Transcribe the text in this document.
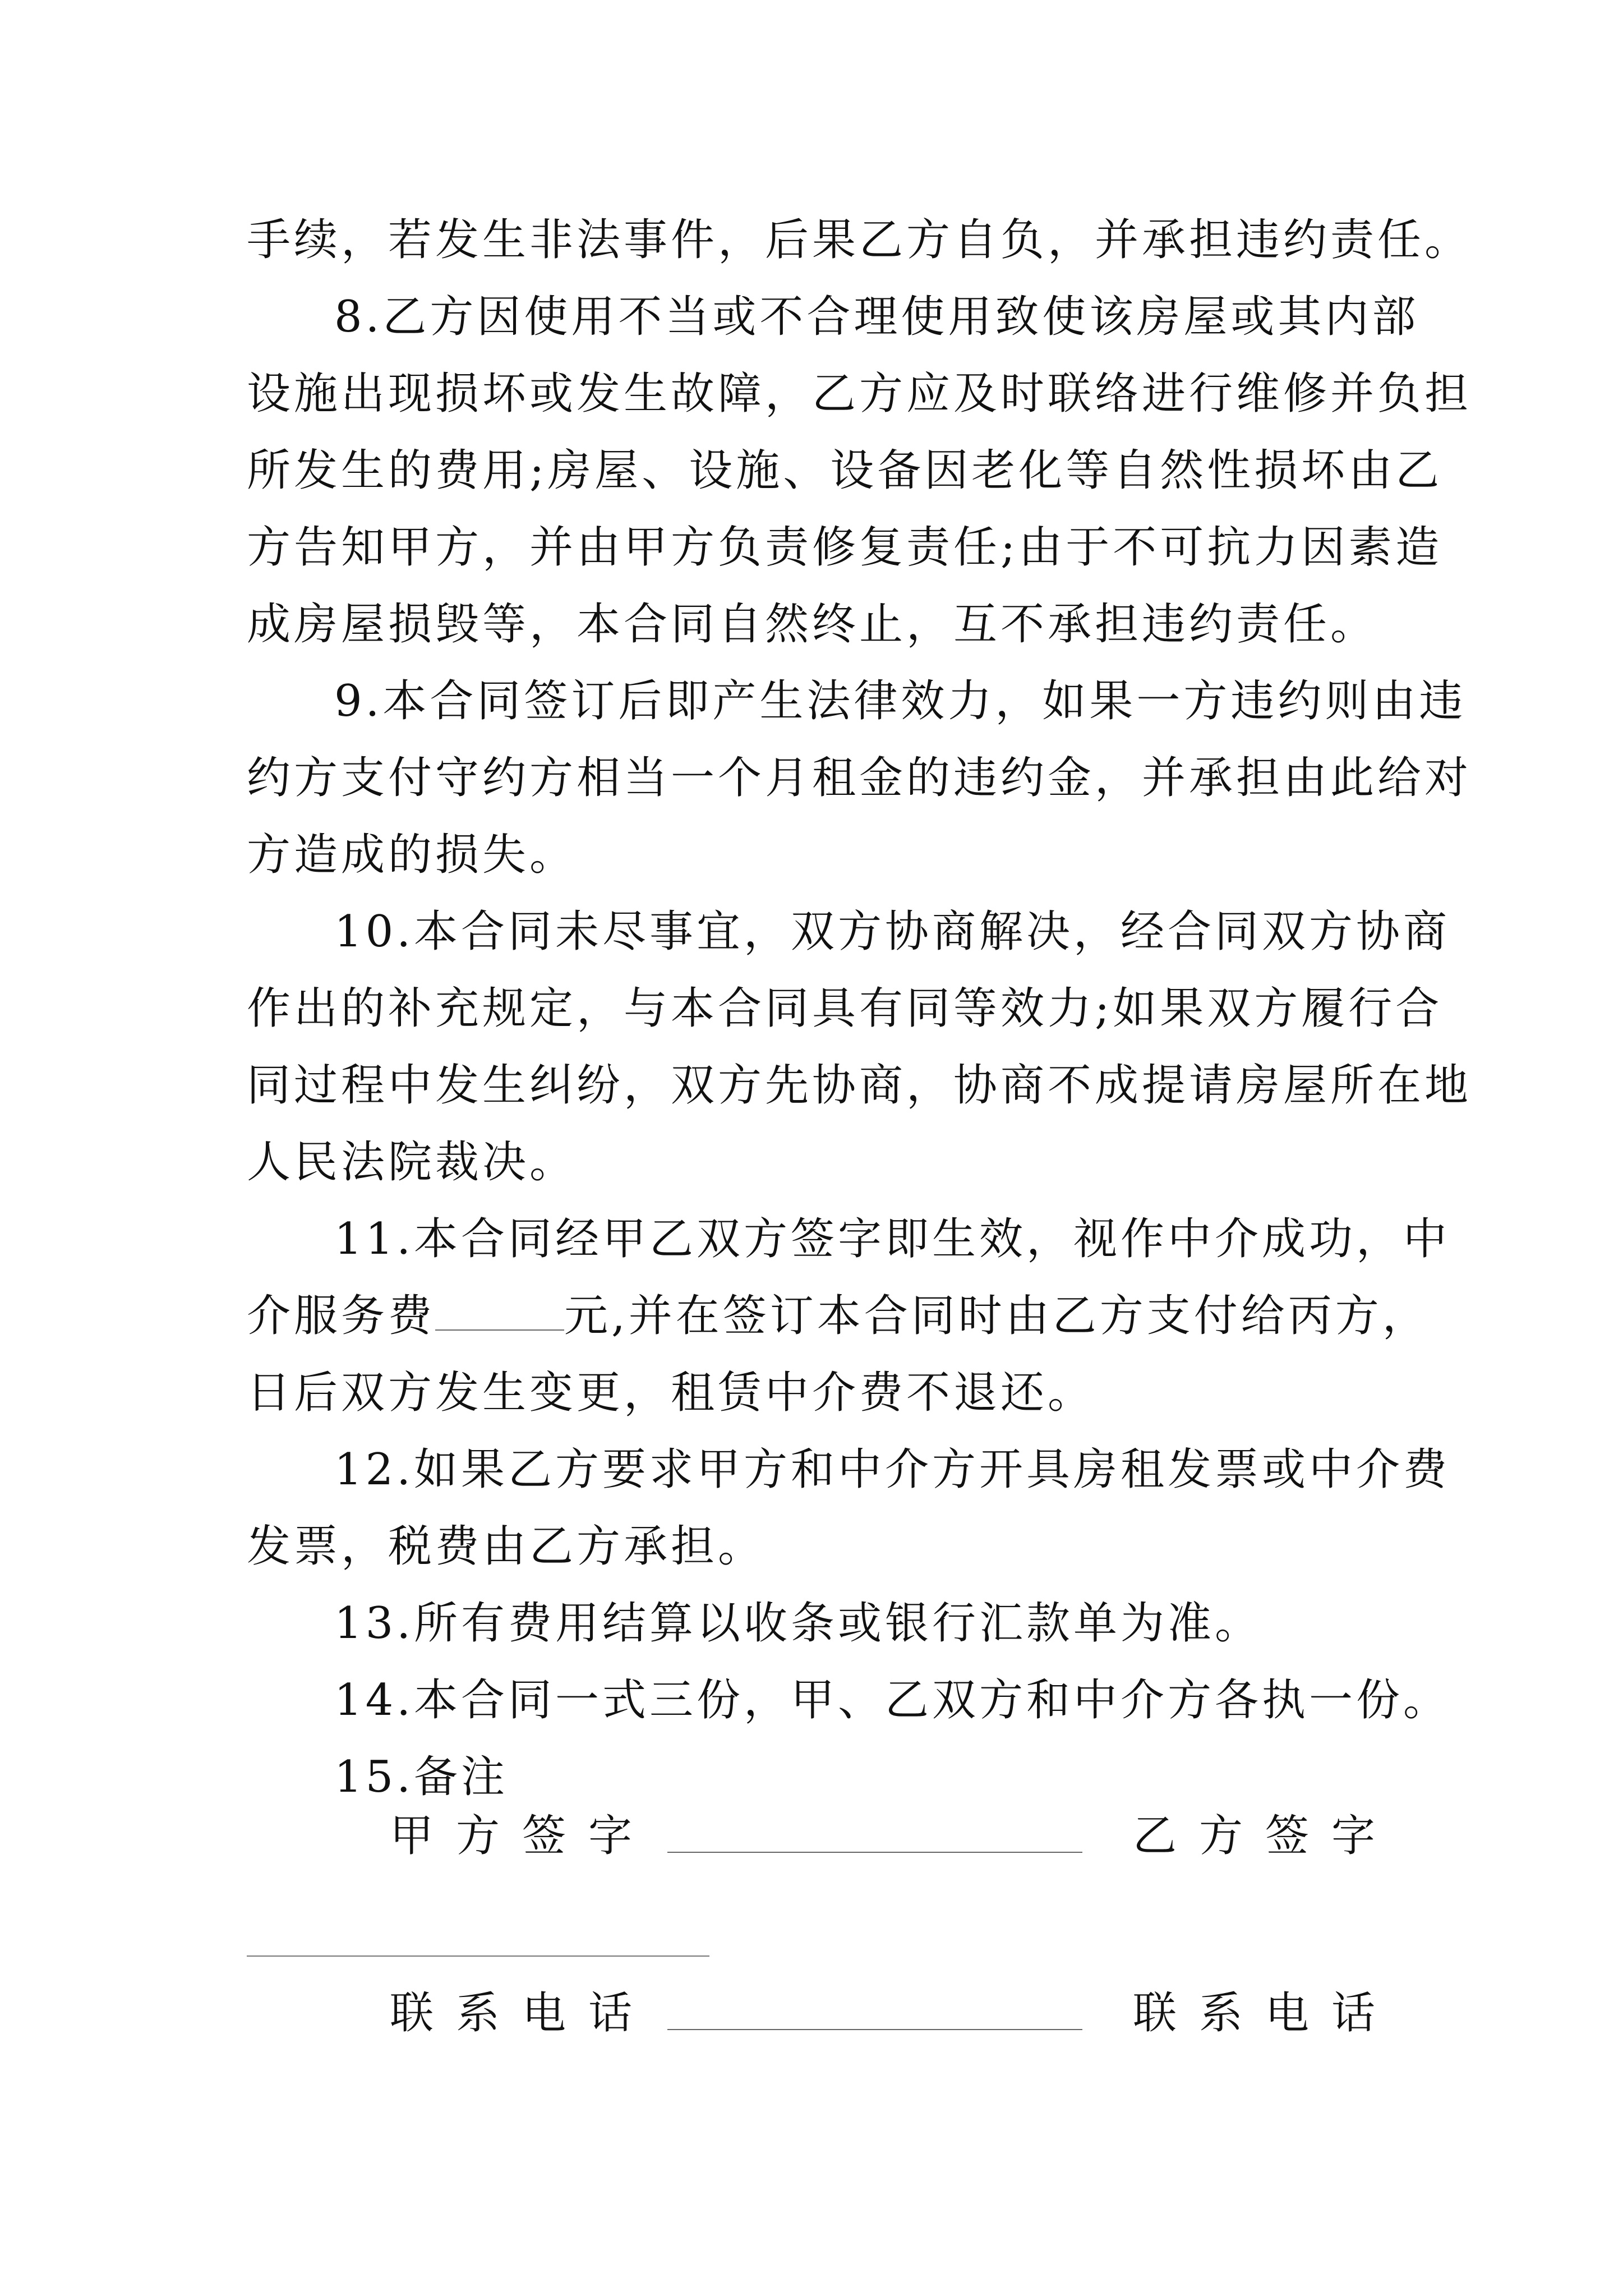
手续，若发生非法事件，后果乙方自负，并承担违约责任。
8.乙方因使用不当或不合理使用致使该房屋或其内部
设施出现损坏或发生故障，乙方应及时联络进行维修并负担
所发生的费用;房屋、设施、设备因老化等自然性损坏由乙
方告知甲方，并由甲方负责修复责任;由于不可抗力因素造
成房屋损毁等，本合同自然终止，互不承担违约责任。
9.本合同签订后即产生法律效力，如果一方违约则由违
约方支付守约方相当一个月租金的违约金，并承担由此给对
方造成的损失。
10.本合同未尽事宜，双方协商解决，经合同双方协商
作出的补充规定，与本合同具有同等效力;如果双方履行合
同过程中发生纠纷，双方先协商，协商不成提请房屋所在地
人民法院裁决。
11.本合同经甲乙双方签字即生效，视作中介成功，中
介服务费	元,并在签订本合同时由乙方支付给丙方，
日后双方发生变更，租赁中介费不退还。
12.如果乙方要求甲方和中介方开具房租发票或中介费
发票，税费由乙方承担。
13.所有费用结算以收条或银行汇款单为准。
14.本合同一式三份，甲、乙双方和中介方各执一份。
15.备注
甲方签字	乙方签字
联系电话	联系电话
